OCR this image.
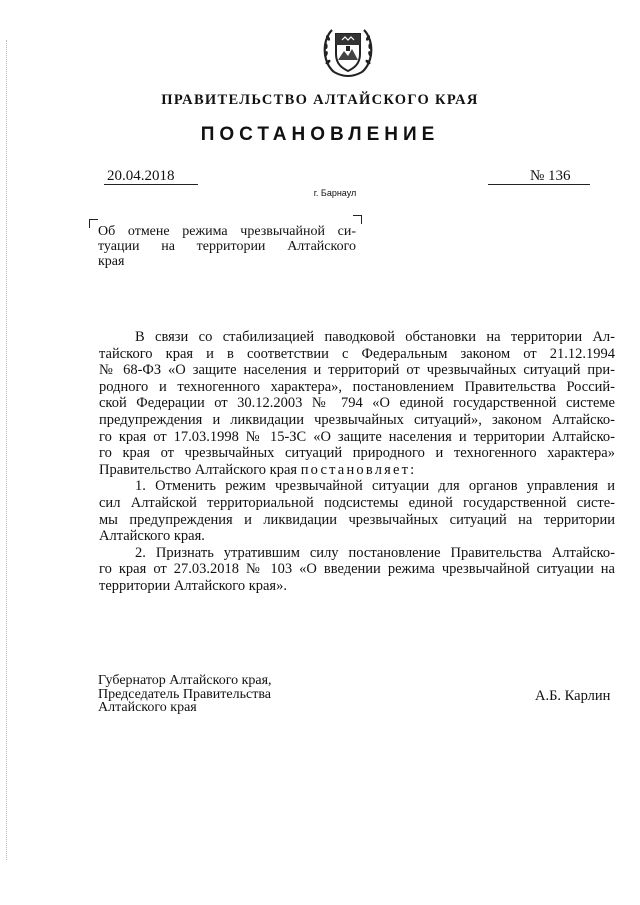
ПРАВИТЕЛЬСТВО АЛТАЙСКОГО КРАЯ
ПОСТАНОВЛЕНИЕ
20.04.2018	№ 136
г. Барнаул
Об отмене режима чрезвычайной си-
туации на территории Алтайского
края
В связи со стабилизацией паводковой обстановки на территории Ал-
тайского края и в соответствии с Федеральным законом от 21.12.1994
№ 68-ФЗ «О защите населения и территорий от чрезвычайных ситуаций при-
родного и техногенного характера», постановлением Правительства Россий-
ской Федерации от 30.12.2003 № 794 «О единой государственной системе
предупреждения и ликвидации чрезвычайных ситуаций», законом Алтайско-
го края от 17.03.1998 № 15-ЗС «О защите населения и территории Алтайско-
го края от чрезвычайных ситуаций природного и техногенного характера»
Правительство Алтайского края постановляет:
1. Отменить режим чрезвычайной ситуации для органов управления и
сил Алтайской территориальной подсистемы единой государственной систе-
мы предупреждения и ликвидации чрезвычайных ситуаций на территории
Алтайского края.
2. Признать утратившим силу постановление Правительства Алтайско-
го края от 27.03.2018 № 103 «О введении режима чрезвычайной ситуации на
территории Алтайского края».
Губернатор Алтайского края,
Председатель Правительства
Алтайского края
А.Б. Карлин
